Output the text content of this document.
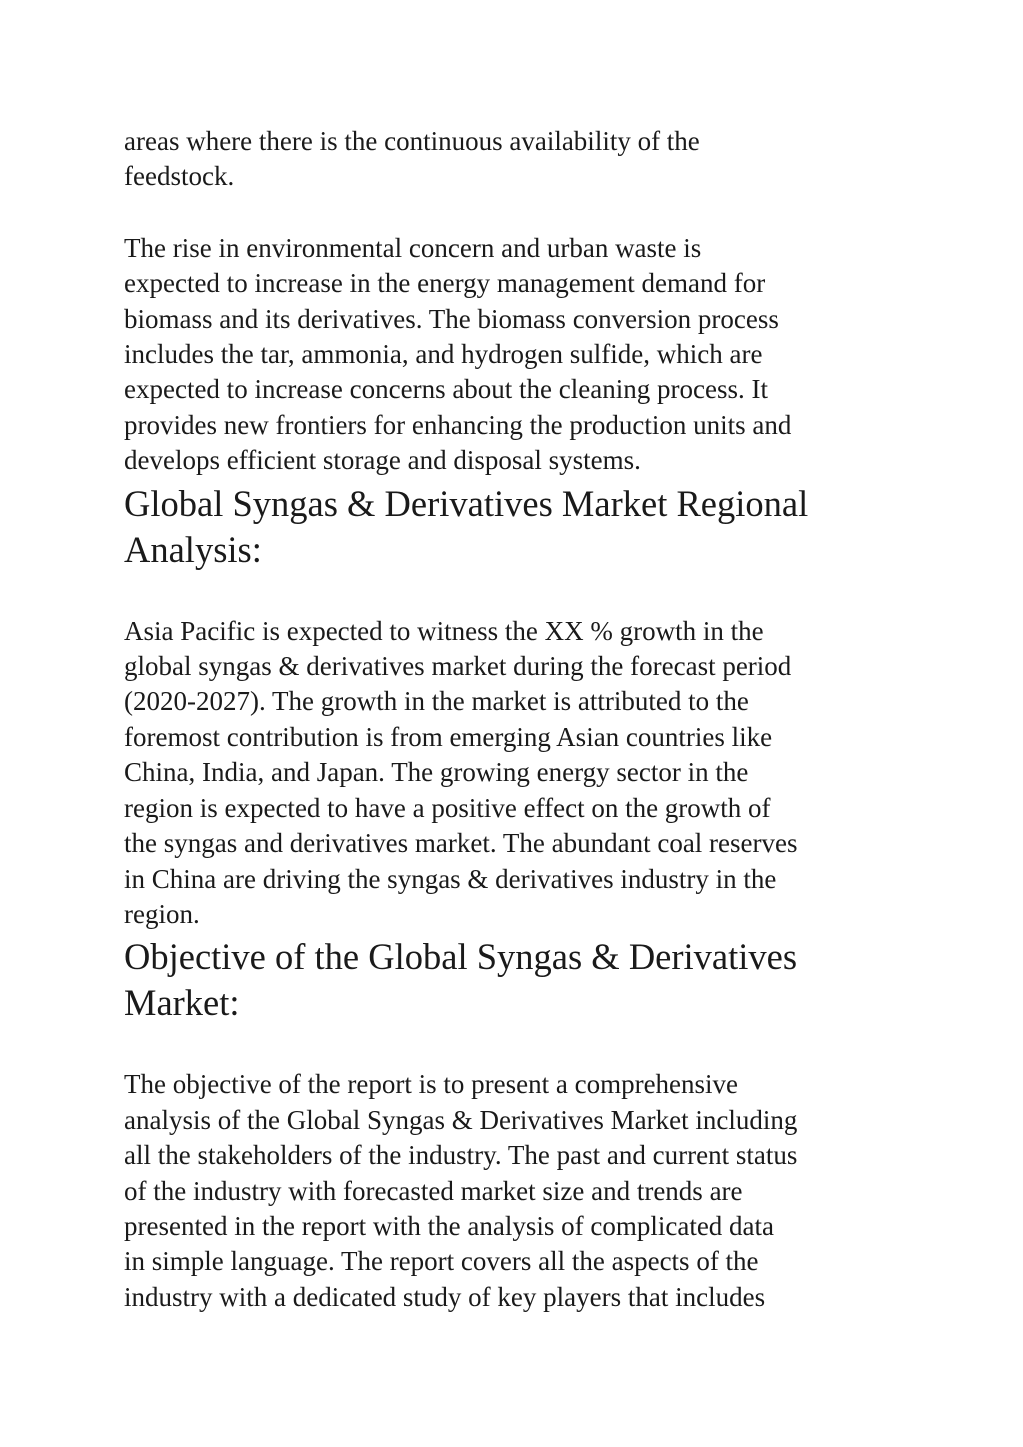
areas where there is the continuous availability of the
feedstock.

The rise in environmental concern and urban waste is
expected to increase in the energy management demand for
biomass and its derivatives. The biomass conversion process
includes the tar, ammonia, and hydrogen sulfide, which are
expected to increase concerns about the cleaning process. It
provides new frontiers for enhancing the production units and
develops efficient storage and disposal systems.

Global Syngas & Derivatives Market Regional
Analysis:

Asia Pacific is expected to witness the XX % growth in the
global syngas & derivatives market during the forecast period
(2020-2027). The growth in the market is attributed to the
foremost contribution is from emerging Asian countries like
China, India, and Japan. The growing energy sector in the
region is expected to have a positive effect on the growth of
the syngas and derivatives market. The abundant coal reserves
in China are driving the syngas & derivatives industry in the
region.

Objective of the Global Syngas & Derivatives
Market:

The objective of the report is to present a comprehensive
analysis of the Global Syngas & Derivatives Market including
all the stakeholders of the industry. The past and current status
of the industry with forecasted market size and trends are
presented in the report with the analysis of complicated data
in simple language. The report covers all the aspects of the
industry with a dedicated study of key players that includes
